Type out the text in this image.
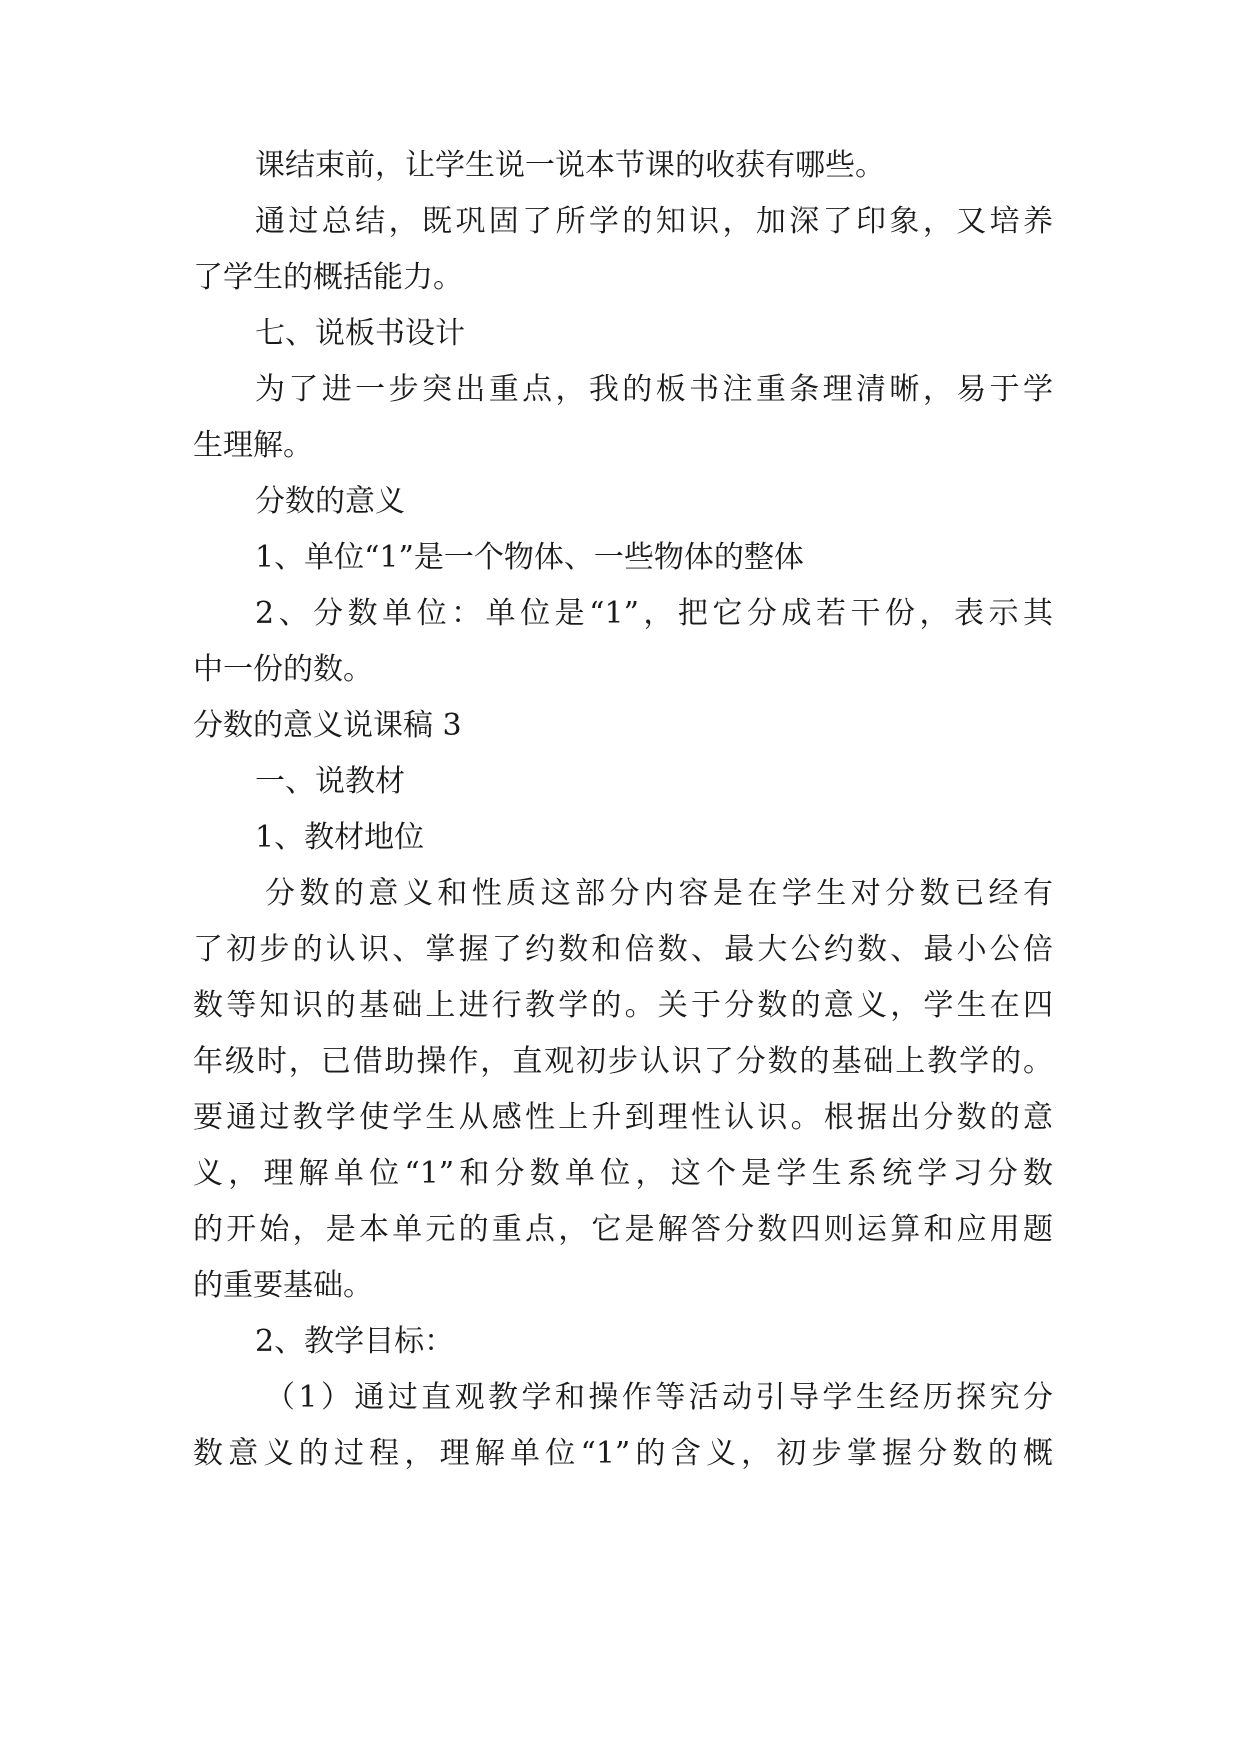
课结束前，让学生说一说本节课的收获有哪些。
通过总结，既巩固了所学的知识，加深了印象，又培养
了学生的概括能力。
七、说板书设计
为了进一步突出重点，我的板书注重条理清晰，易于学
生理解。
分数的意义
1、单位“1”是一个物体、一些物体的整体
2、分数单位：单位是“1”，把它分成若干份，表示其
中一份的数。
分数的意义说课稿 3
一、说教材
1、教材地位
分数的意义和性质这部分内容是在学生对分数已经有
了初步的认识、掌握了约数和倍数、最大公约数、最小公倍
数等知识的基础上进行教学的。关于分数的意义，学生在四
年级时，已借助操作，直观初步认识了分数的基础上教学的。
要通过教学使学生从感性上升到理性认识。根据出分数的意
义，理解单位“1”和分数单位，这个是学生系统学习分数
的开始，是本单元的重点，它是解答分数四则运算和应用题
的重要基础。
2、教学目标：
（1）通过直观教学和操作等活动引导学生经历探究分
数意义的过程，理解单位“1”的含义，初步掌握分数的概
